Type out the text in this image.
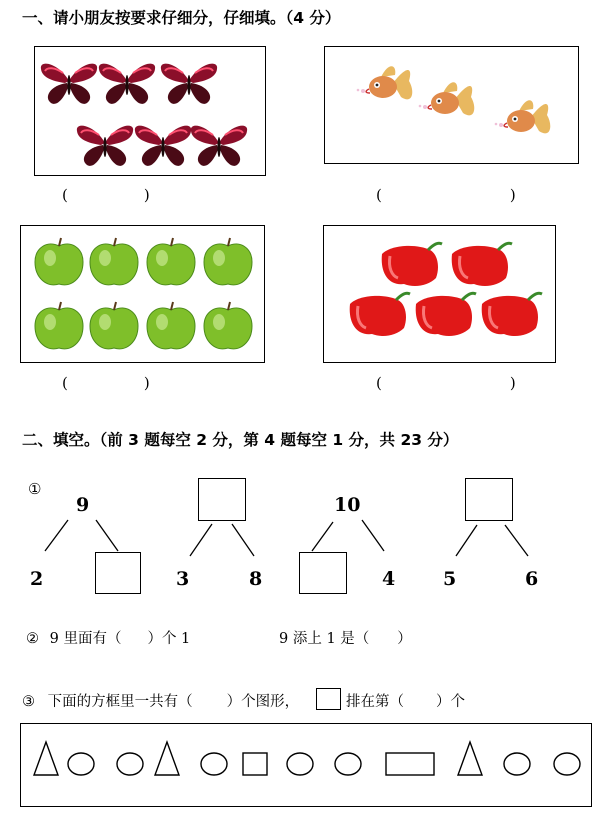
一、请小朋友按要求仔细分，仔细填。（4 分）
(	)	(	)
(	)	(	)
二、填空。（前 3 题每空 2 分，第 4 题每空 1 分，共 23 分）
①
9
2	3	8
10
4	5	6
② 9 里面有（ ）个 1	9 添上 1 是（ ）
③ 下面的方框里一共有（ ）个图形，	排在第（ ）个
